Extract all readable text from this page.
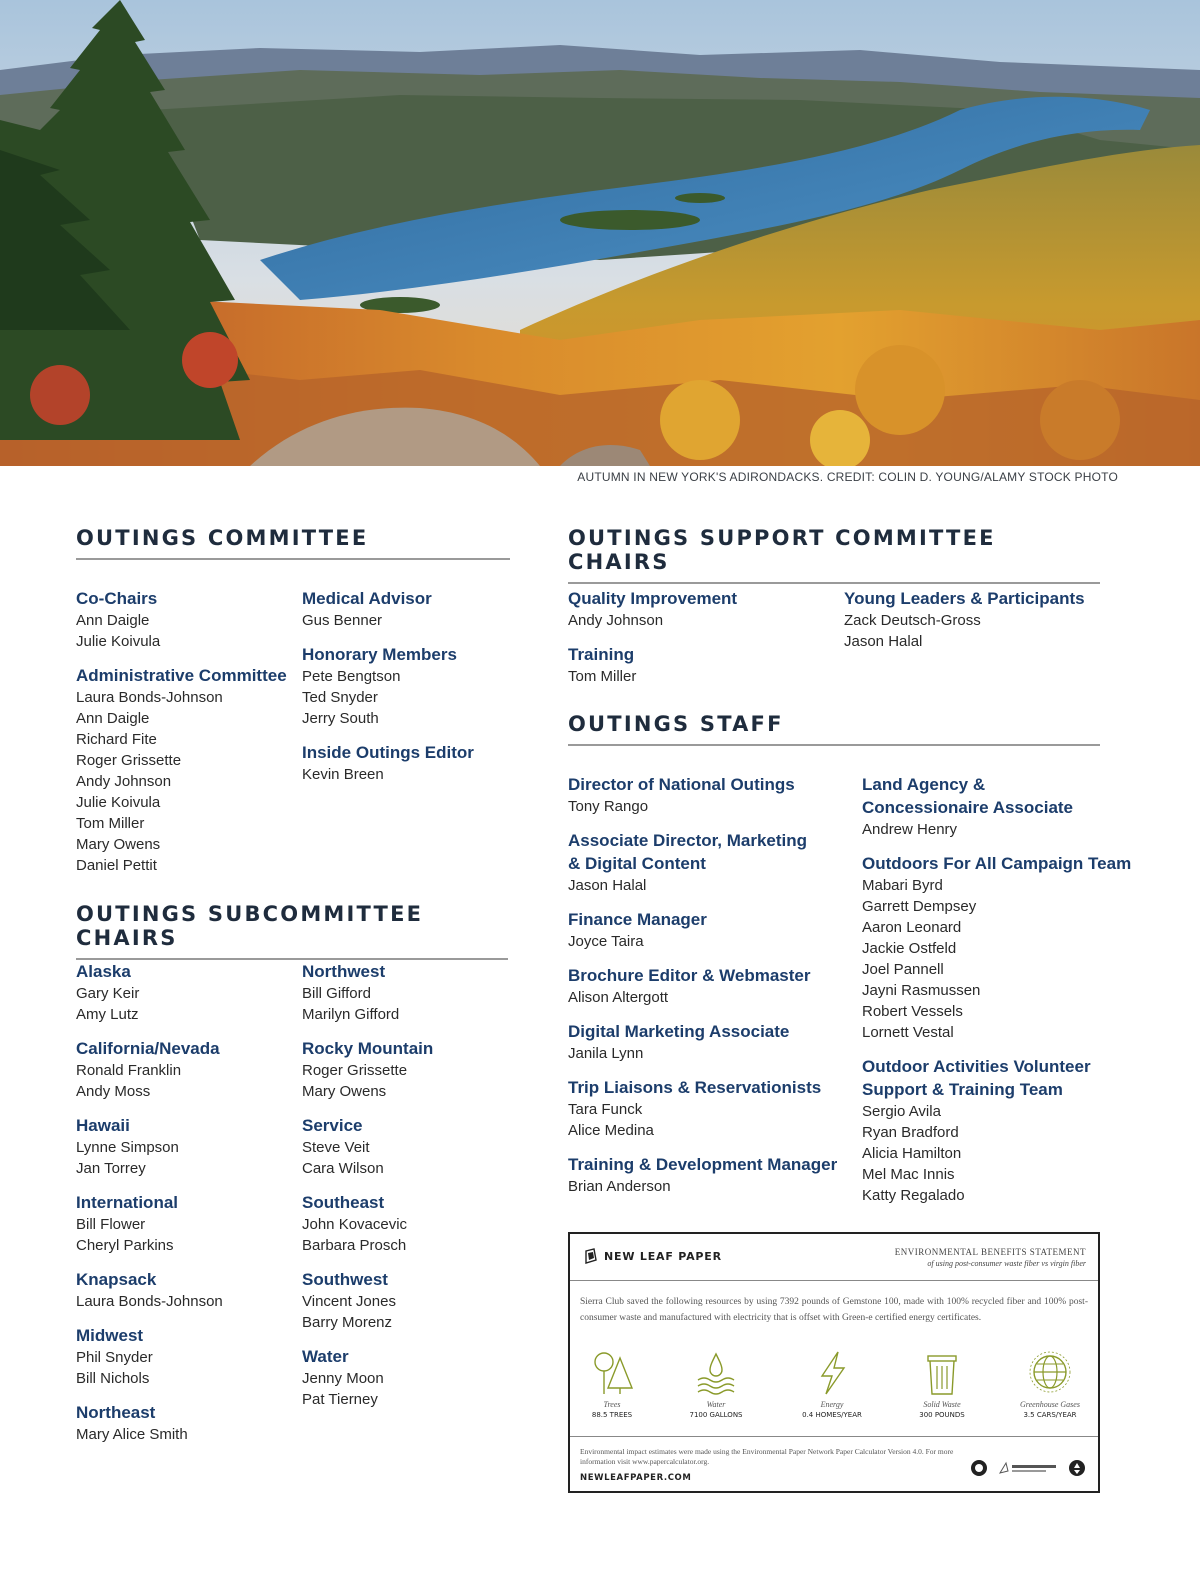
AUTUMN IN NEW YORK'S ADIRONDACKS. CREDIT: COLIN D. YOUNG/ALAMY STOCK PHOTO
OUTINGS COMMITTEE
Co-Chairs
Ann Daigle
Julie Koivula
Administrative Committee
Laura Bonds-Johnson
Ann Daigle
Richard Fite
Roger Grissette
Andy Johnson
Julie Koivula
Tom Miller
Mary Owens
Daniel Pettit
Medical Advisor
Gus Benner
Honorary Members
Pete Bengtson
Ted Snyder
Jerry South
Inside Outings Editor
Kevin Breen
OUTINGS SUBCOMMITTEE CHAIRS
Alaska
Gary Keir
Amy Lutz
California/Nevada
Ronald Franklin
Andy Moss
Hawaii
Lynne Simpson
Jan Torrey
International
Bill Flower
Cheryl Parkins
Knapsack
Laura Bonds-Johnson
Midwest
Phil Snyder
Bill Nichols
Northeast
Mary Alice Smith
Northwest
Bill Gifford
Marilyn Gifford
Rocky Mountain
Roger Grissette
Mary Owens
Service
Steve Veit
Cara Wilson
Southeast
John Kovacevic
Barbara Prosch
Southwest
Vincent Jones
Barry Morenz
Water
Jenny Moon
Pat Tierney
OUTINGS SUPPORT COMMITTEE CHAIRS
Quality Improvement
Andy Johnson
Training
Tom Miller
Young Leaders & Participants
Zack Deutsch-Gross
Jason Halal
OUTINGS STAFF
Director of National Outings
Tony Rango
Associate Director, Marketing & Digital Content
Jason Halal
Finance Manager
Joyce Taira
Brochure Editor & Webmaster
Alison Altergott
Digital Marketing Associate
Janila Lynn
Trip Liaisons & Reservationists
Tara Funck
Alice Medina
Training & Development Manager
Brian Anderson
Land Agency & Concessionaire Associate
Andrew Henry
Outdoors For All Campaign Team
Mabari Byrd
Garrett Dempsey
Aaron Leonard
Jackie Ostfeld
Joel Pannell
Jayni Rasmussen
Robert Vessels
Lornett Vestal
Outdoor Activities Volunteer Support & Training Team
Sergio Avila
Ryan Bradford
Alicia Hamilton
Mel Mac Innis
Katty Regalado
NEW LEAF PAPER	ENVIRONMENTAL BENEFITS STATEMENT
of using post-consumer waste fiber vs virgin fiber
Sierra Club saved the following resources by using 7392 pounds of Gemstone 100, made with 100% recycled fiber and 100% post-consumer waste and manufactured with electricity that is offset with Green-e certified energy certificates.
Trees
88.5 TREES
Water
7100 GALLONS
Energy
0.4 HOMES/YEAR
Solid Waste
300 POUNDS
Greenhouse Gases
3.5 CARS/YEAR
Environmental impact estimates were made using the Environmental Paper Network Paper Calculator Version 4.0. For more information visit www.papercalculator.org.
NEWLEAFPAPER.COM
